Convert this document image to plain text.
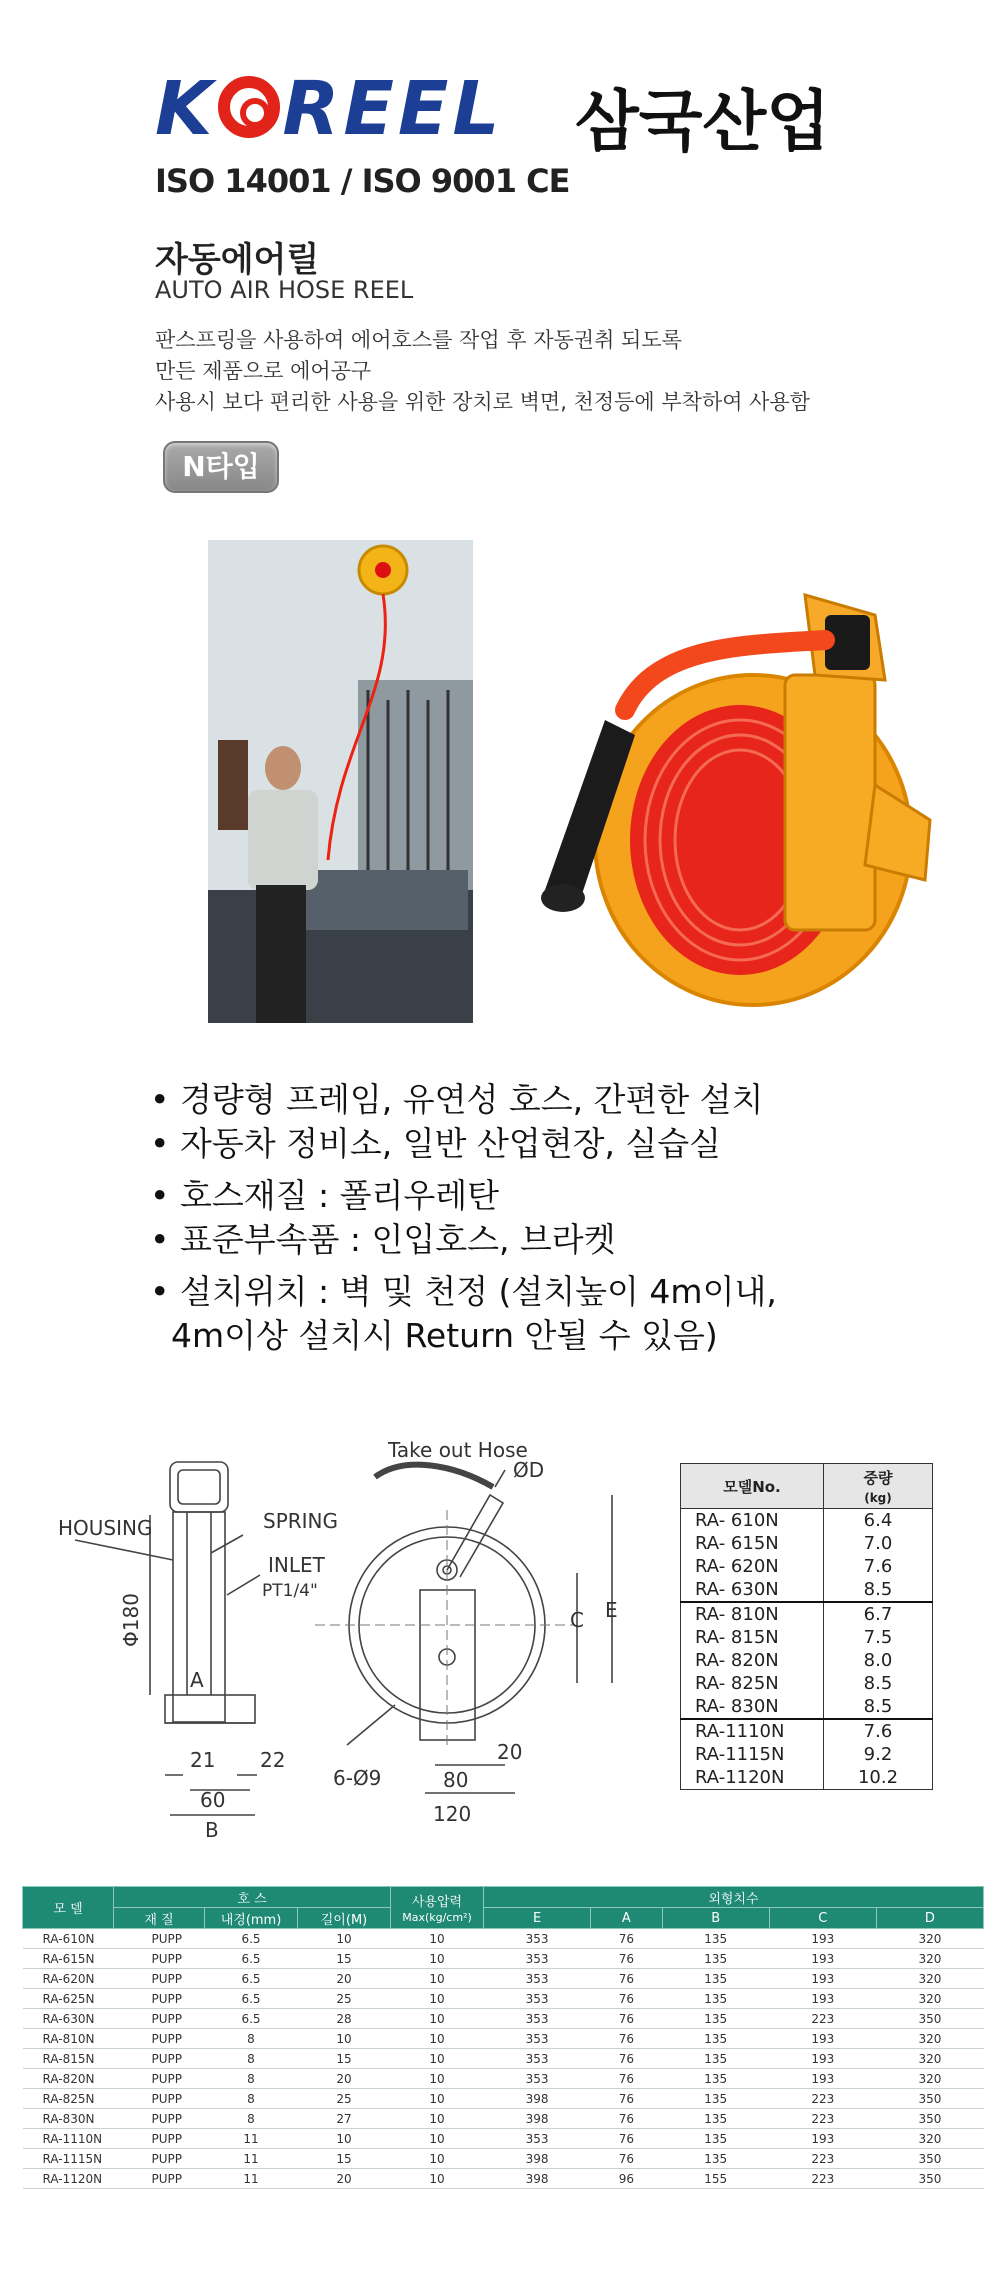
K REEL 삼국산업
ISO 14001 / ISO 9001 CE
자동에어릴
AUTO AIR HOSE REEL
판스프링을 사용하여 에어호스를 작업 후 자동권취 되도록
만든 제품으로 에어공구
사용시 보다 편리한 사용을 위한 장치로 벽면, 천정등에 부착하여 사용함
N타입
• 경량형 프레임, 유연성 호스, 간편한 설치
• 자동차 정비소, 일반 산업현장, 실습실
• 호스재질 : 폴리우레탄
• 표준부속품 : 인입호스, 브라켓
• 설치위치 : 벽 및 천정 (설치높이 4m이내,
4m이상 설치시 Return 안될 수 있음)
Take out Hose
SPRING
HOUSING
INLET
PT1/4"
Φ180
ØD
A
B
C E
21 22
60
20
80
120
6-Ø9
모델No.	중량
(kg)
RA- 610N	6.4
RA- 615N	7.0
RA- 620N	7.6
RA- 630N	8.5
RA- 810N	6.7
RA- 815N	7.5
RA- 820N	8.0
RA- 825N	8.5
RA- 830N	8.5
RA-1110N	7.6
RA-1115N	9.2
RA-1120N	10.2
모 델	호 스			사용압력
Max(kg/cm²)	외형치수				
	재 질	내경(mm)	길이(M)		E	A	B	C	D
RA-610N	PUPP	6.5	10	10	353	76	135	193	320
RA-615N	PUPP	6.5	15	10	353	76	135	193	320
RA-620N	PUPP	6.5	20	10	353	76	135	193	320
RA-625N	PUPP	6.5	25	10	353	76	135	193	320
RA-630N	PUPP	6.5	28	10	353	76	135	223	350
RA-810N	PUPP	8	10	10	353	76	135	193	320
RA-815N	PUPP	8	15	10	353	76	135	193	320
RA-820N	PUPP	8	20	10	353	76	135	193	320
RA-825N	PUPP	8	25	10	398	76	135	223	350
RA-830N	PUPP	8	27	10	398	76	135	223	350
RA-1110N	PUPP	11	10	10	353	76	135	193	320
RA-1115N	PUPP	11	15	10	398	76	135	223	350
RA-1120N	PUPP	11	20	10	398	96	155	223	350
